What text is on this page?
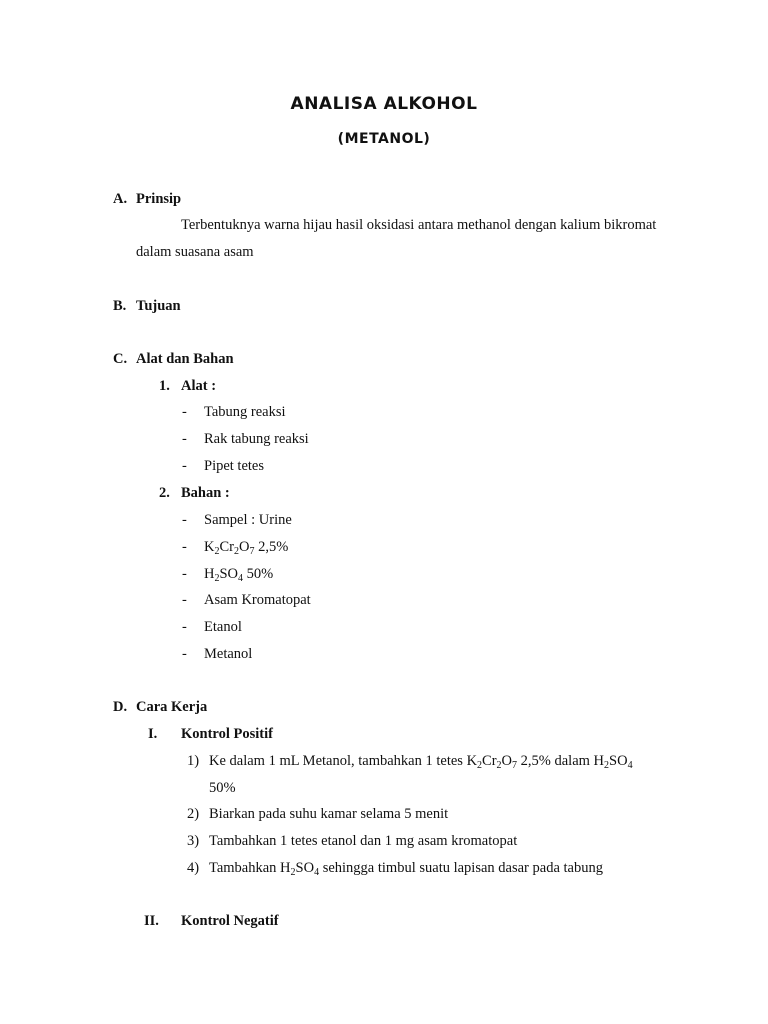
ANALISA ALKOHOL
(METANOL)
A. Prinsip
Terbentuknya warna hijau hasil oksidasi antara methanol dengan kalium bikromat
dalam suasana asam
B. Tujuan
C. Alat dan Bahan
1. Alat :
- Tabung reaksi
- Rak tabung reaksi
- Pipet tetes
2. Bahan :
- Sampel : Urine
- $K_2Cr_2O_7$ 2,5%
- $H_2SO_4$ 50%
- Asam Kromatopat
- Etanol
- Metanol
D. Cara Kerja
I. Kontrol Positif
1) Ke dalam 1 mL Metanol, tambahkan 1 tetes $K_2Cr_2O_7$ 2,5% dalam $H_2SO_4$
50%
2) Biarkan pada suhu kamar selama 5 menit
3) Tambahkan 1 tetes etanol dan 1 mg asam kromatopat
4) Tambahkan $H_2SO_4$ sehingga timbul suatu lapisan dasar pada tabung
II. Kontrol Negatif
